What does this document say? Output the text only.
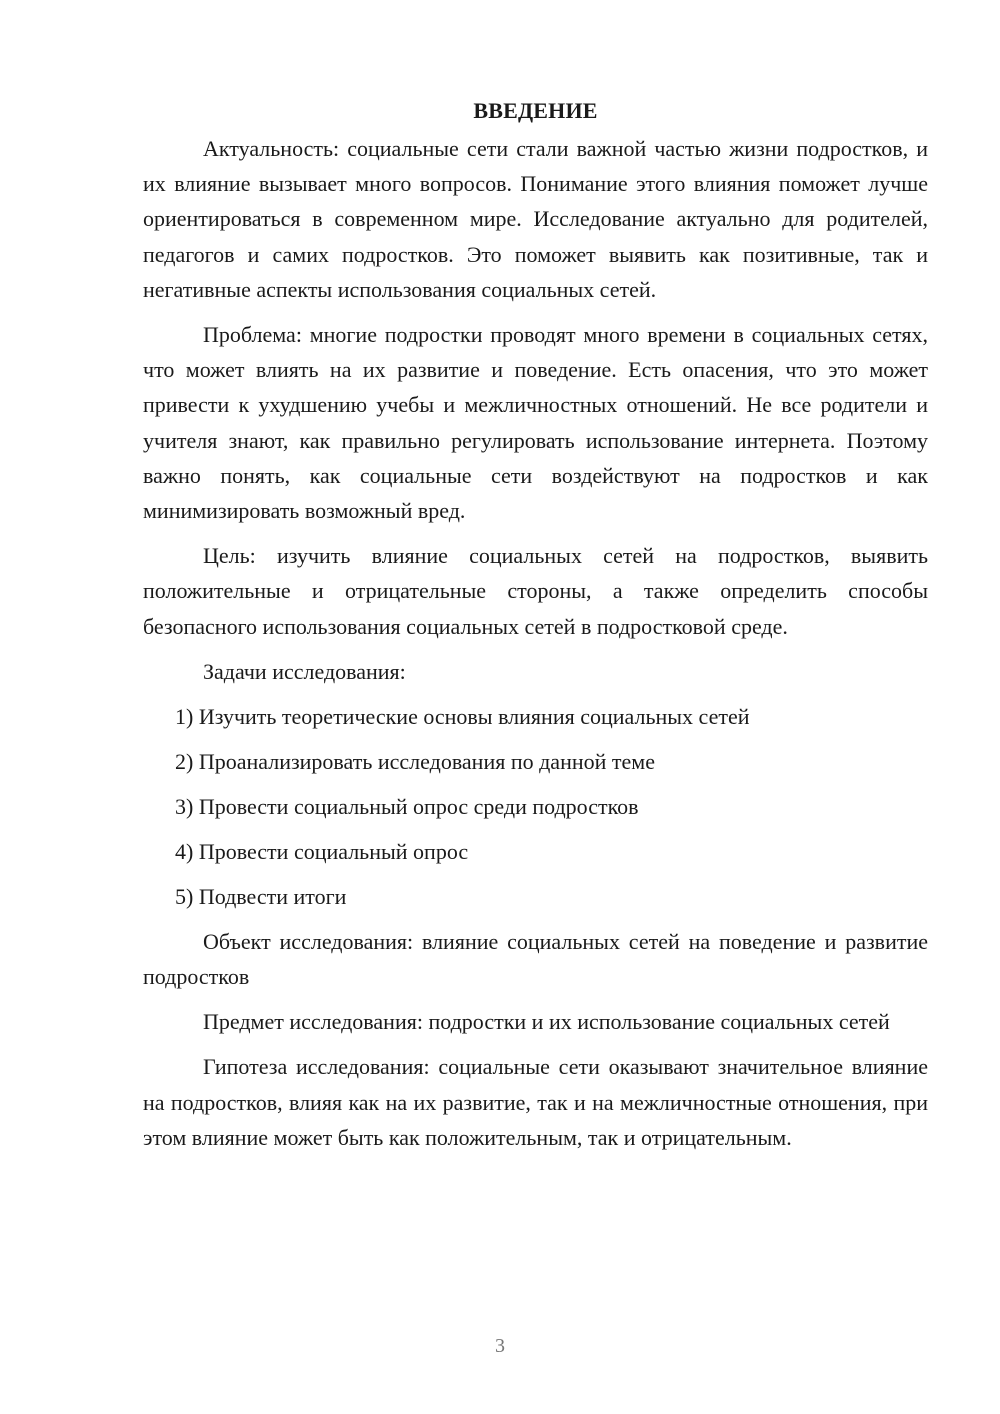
ВВЕДЕНИЕ

Актуальность: социальные сети стали важной частью жизни подростков, и их влияние вызывает много вопросов. Понимание этого влияния поможет лучше ориентироваться в современном мире. Исследование актуально для родителей, педагогов и самих подростков. Это поможет выявить как позитивные, так и негативные аспекты использования социальных сетей.

Проблема: многие подростки проводят много времени в социальных сетях, что может влиять на их развитие и поведение. Есть опасения, что это может привести к ухудшению учебы и межличностных отношений. Не все родители и учителя знают, как правильно регулировать использование интернета. Поэтому важно понять, как социальные сети воздействуют на подростков и как минимизировать возможный вред.

Цель: изучить влияние социальных сетей на подростков, выявить положительные и отрицательные стороны, а также определить способы безопасного использования социальных сетей в подростковой среде.

Задачи исследования:

1) Изучить теоретические основы влияния социальных сетей
2) Проанализировать исследования по данной теме
3) Провести социальный опрос среди подростков
4) Провести социальный опрос
5) Подвести итоги

Объект исследования: влияние социальных сетей на поведение и развитие подростков

Предмет исследования: подростки и их использование социальных сетей

Гипотеза исследования: социальные сети оказывают значительное влияние на подростков, влияя как на их развитие, так и на межличностные отношения, при этом влияние может быть как положительным, так и отрицательным.

3
